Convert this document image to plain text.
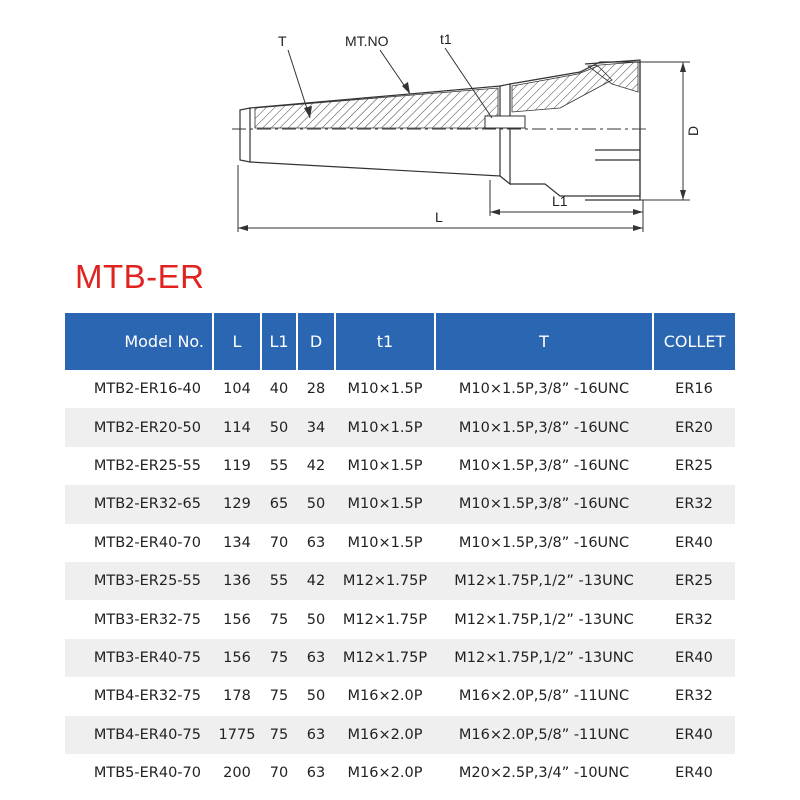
T	MT.NO	t1
L
L1
D
MTB-ER
Model No.	L	L1	D	t1	T	COLLET
MTB2-ER16-40	104	40	28	M10×1.5P	M10×1.5P,3/8” -16UNC	ER16
MTB2-ER20-50	114	50	34	M10×1.5P	M10×1.5P,3/8” -16UNC	ER20
MTB2-ER25-55	119	55	42	M10×1.5P	M10×1.5P,3/8” -16UNC	ER25
MTB2-ER32-65	129	65	50	M10×1.5P	M10×1.5P,3/8” -16UNC	ER32
MTB2-ER40-70	134	70	63	M10×1.5P	M10×1.5P,3/8” -16UNC	ER40
MTB3-ER25-55	136	55	42	M12×1.75P	M12×1.75P,1/2” -13UNC	ER25
MTB3-ER32-75	156	75	50	M12×1.75P	M12×1.75P,1/2” -13UNC	ER32
MTB3-ER40-75	156	75	63	M12×1.75P	M12×1.75P,1/2” -13UNC	ER40
MTB4-ER32-75	178	75	50	M16×2.0P	M16×2.0P,5/8” -11UNC	ER32
MTB4-ER40-75	1775	75	63	M16×2.0P	M16×2.0P,5/8” -11UNC	ER40
MTB5-ER40-70	200	70	63	M16×2.0P	M20×2.5P,3/4” -10UNC	ER40
